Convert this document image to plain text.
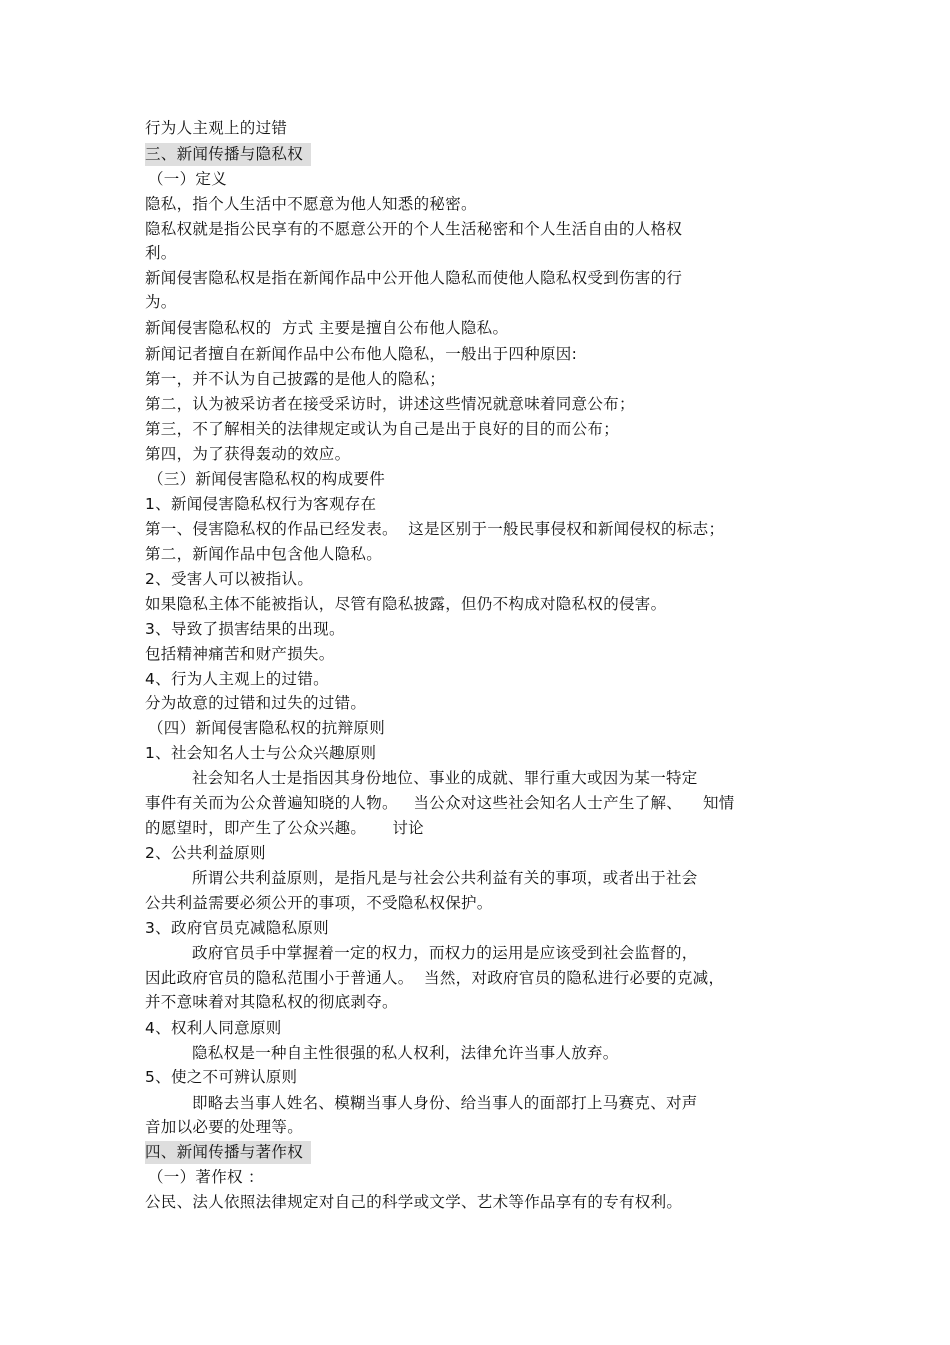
行为人主观上的过错
三、新闻传播与隐私权
（一）定义
隐私，指个人生活中不愿意为他人知悉的秘密。
隐私权就是指公民享有的不愿意公开的个人生活秘密和个人生活自由的人格权
利。
新闻侵害隐私权是指在新闻作品中公开他人隐私而使他人隐私权受到伤害的行
为。
新闻侵害隐私权的  方式 主要是擅自公布他人隐私。
新闻记者擅自在新闻作品中公布他人隐私，一般出于四种原因:
第一，并不认为自己披露的是他人的隐私；
第二，认为被采访者在接受采访时，讲述这些情况就意味着同意公布；
第三，不了解相关的法律规定或认为自己是出于良好的目的而公布；
第四，为了获得轰动的效应。
（三）新闻侵害隐私权的构成要件
1、新闻侵害隐私权行为客观存在
第一、侵害隐私权的作品已经发表。  这是区别于一般民事侵权和新闻侵权的标志；
第二，新闻作品中包含他人隐私。
2、受害人可以被指认。
如果隐私主体不能被指认，尽管有隐私披露，但仍不构成对隐私权的侵害。
3、导致了损害结果的出现。
包括精神痛苦和财产损失。
4、行为人主观上的过错。
分为故意的过错和过失的过错。
（四）新闻侵害隐私权的抗辩原则
1、社会知名人士与公众兴趣原则
社会知名人士是指因其身份地位、事业的成就、罪行重大或因为某一特定
事件有关而为公众普遍知晓的人物。   当公众对这些社会知名人士产生了解、    知情
的愿望时，即产生了公众兴趣。     讨论
2、公共利益原则
所谓公共利益原则，是指凡是与社会公共利益有关的事项，或者出于社会
公共利益需要必须公开的事项，不受隐私权保护。
3、政府官员克减隐私原则
政府官员手中掌握着一定的权力，而权力的运用是应该受到社会监督的，
因此政府官员的隐私范围小于普通人。  当然，对政府官员的隐私进行必要的克减，
并不意味着对其隐私权的彻底剥夺。
4、权利人同意原则
隐私权是一种自主性很强的私人权利，法律允许当事人放弃。
5、使之不可辨认原则
即略去当事人姓名、模糊当事人身份、给当事人的面部打上马赛克、对声
音加以必要的处理等。
四、新闻传播与著作权
（一）著作权 ：
公民、法人依照法律规定对自己的科学或文学、艺术等作品享有的专有权利。
